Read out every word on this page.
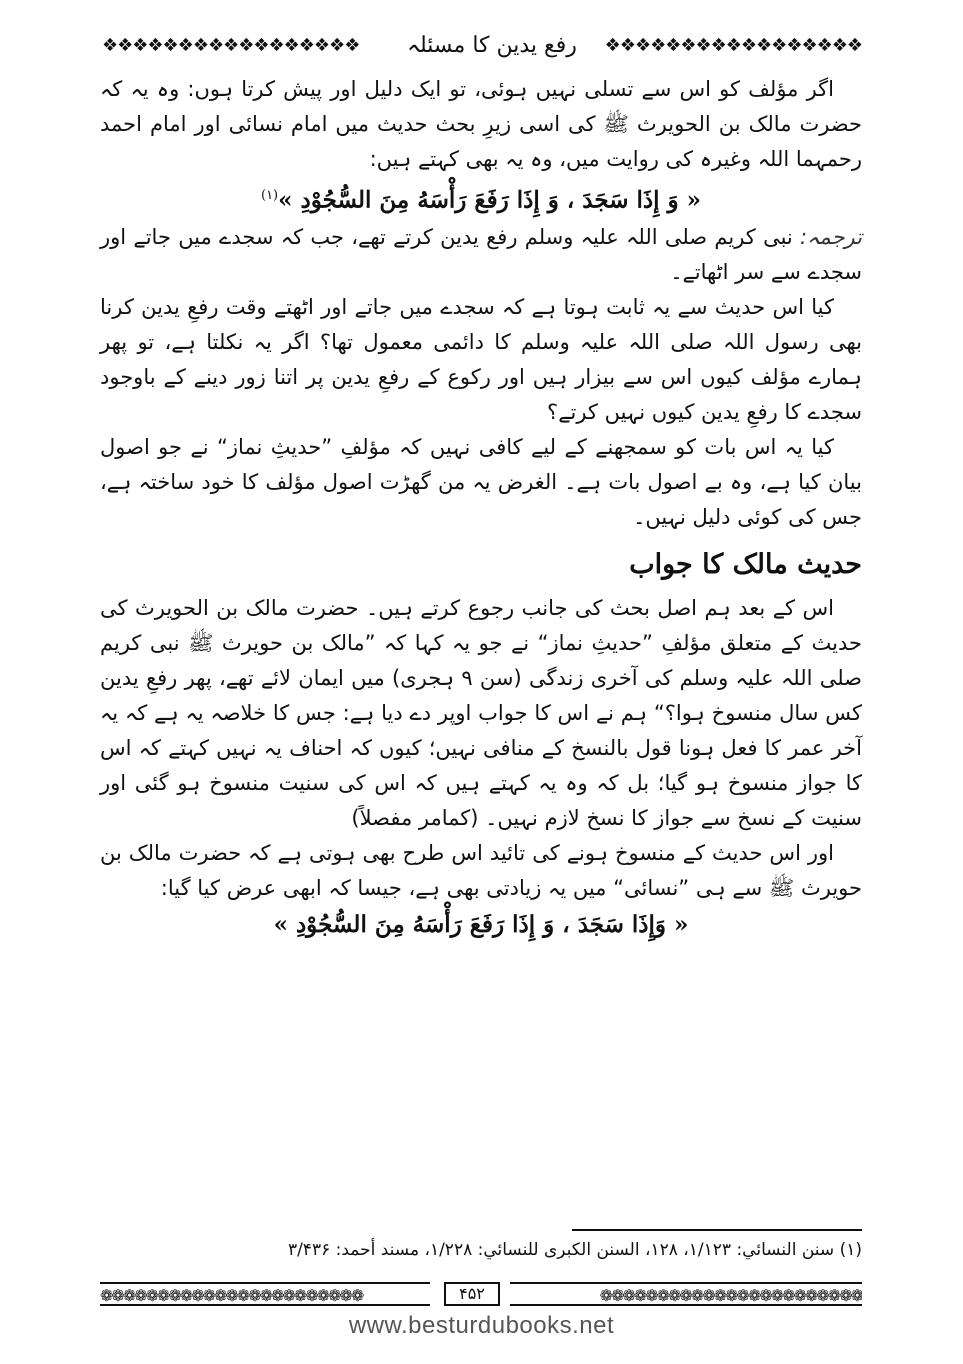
❖❖❖❖❖❖❖❖❖❖❖❖❖❖❖❖❖	رفع یدین کا مسئلہ	❖❖❖❖❖❖❖❖❖❖❖❖❖❖❖❖❖

اگر مؤلف کو اس سے تسلی نہیں ہوئی، تو ایک دلیل اور پیش کرتا ہوں: وہ یہ کہ حضرت مالک بن الحویرث ﷺ کی اسی زیرِ بحث حدیث میں امام نسائی اور امام احمد رحمہما اللہ وغیرہ کی روایت میں، وہ یہ بھی کہتے ہیں:

« وَ إِذَا سَجَدَ ، وَ إِذَا رَفَعَ رَأْسَهُ مِنَ السُّجُوْدِ »$^{(۱)}$

ترجمہ: نبی کریم صلی اللہ علیہ وسلم رفع یدین کرتے تھے، جب کہ سجدے میں جاتے اور سجدے سے سر اٹھاتے۔

کیا اس حدیث سے یہ ثابت ہوتا ہے کہ سجدے میں جاتے اور اٹھتے وقت رفعِ یدین کرنا بھی رسول اللہ صلی اللہ علیہ وسلم کا دائمی معمول تھا؟ اگر یہ نکلتا ہے، تو پھر ہمارے مؤلف کیوں اس سے بیزار ہیں اور رکوع کے رفعِ یدین پر اتنا زور دینے کے باوجود سجدے کا رفعِ یدین کیوں نہیں کرتے؟

کیا یہ اس بات کو سمجھنے کے لیے کافی نہیں کہ مؤلفِ ”حدیثِ نماز“ نے جو اصول بیان کیا ہے، وہ بے اصول بات ہے۔ الغرض یہ من گھڑت اصول مؤلف کا خود ساختہ ہے، جس کی کوئی دلیل نہیں۔

حدیث مالک کا جواب

اس کے بعد ہم اصل بحث کی جانب رجوع کرتے ہیں۔ حضرت مالک بن الحویرث کی حدیث کے متعلق مؤلفِ ”حدیثِ نماز“ نے جو یہ کہا کہ ”مالک بن حویرث ﷺ نبی کریم صلی اللہ علیہ وسلم کی آخری زندگی (سن ۹ ہجری) میں ایمان لائے تھے، پھر رفعِ یدین کس سال منسوخ ہوا؟“ ہم نے اس کا جواب اوپر دے دیا ہے: جس کا خلاصہ یہ ہے کہ یہ آخر عمر کا فعل ہونا قول بالنسخ کے منافی نہیں؛ کیوں کہ احناف یہ نہیں کہتے کہ اس کا جواز منسوخ ہو گیا؛ بل کہ وہ یہ کہتے ہیں کہ اس کی سنیت منسوخ ہو گئی اور سنیت کے نسخ سے جواز کا نسخ لازم نہیں۔ (کمامر مفصلاً)

اور اس حدیث کے منسوخ ہونے کی تائید اس طرح بھی ہوتی ہے کہ حضرت مالک بن حویرث ﷺ سے ہی ”نسائی“ میں یہ زیادتی بھی ہے، جیسا کہ ابھی عرض کیا گیا:

« وَإِذَا سَجَدَ ، وَ إِذَا رَفَعَ رَأْسَهُ مِنَ السُّجُوْدِ »

(۱) سنن النسائي: ۱/۱۲۳، ۱۲۸، السنن الكبرى للنسائي: ۱/۲۲۸، مسند أحمد: ۳/۴۳۶
❁❁❁❁❁❁❁❁❁❁❁❁❁❁❁❁❁❁❁❁❁❁❁	۴۵۲	❁❁❁❁❁❁❁❁❁❁❁❁❁❁❁❁❁❁❁❁❁❁❁
www.besturdubooks.net
